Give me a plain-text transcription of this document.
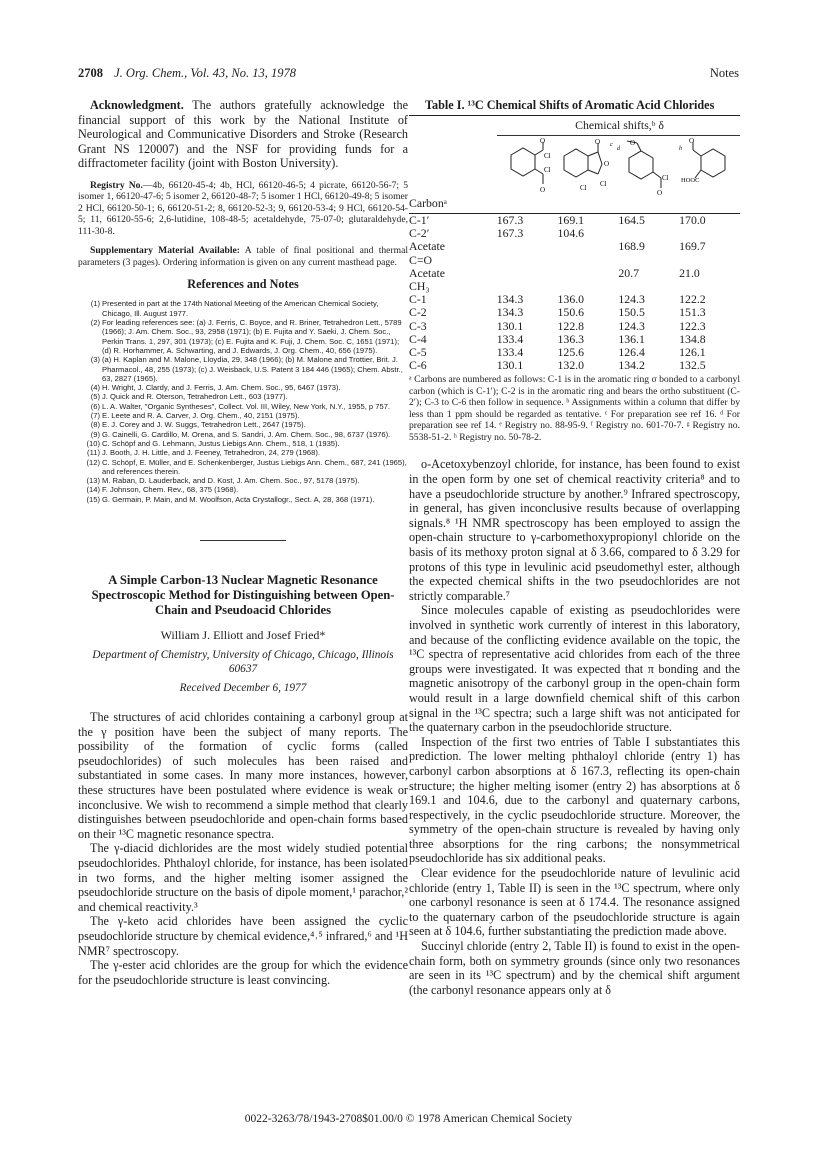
2708 J. Org. Chem., Vol. 43, No. 13, 1978	Notes

Acknowledgment. The authors gratefully acknowledge the financial support of this work by the National Institute of Neurological and Communicative Disorders and Stroke (Research Grant NS 120007) and the NSF for providing funds for a diffractometer facility (joint with Boston University).

Registry No.—4b, 66120-45-4; 4b, HCl, 66120-46-5; 4 picrate, 66120-56-7; 5 isomer 1, 66120-47-6; 5 isomer 2, 66120-48-7; 5 isomer 1 HCl, 66120-49-8; 5 isomer 2 HCl, 66120-50-1; 6, 66120-51-2; 8, 66120-52-3; 9, 66120-53-4; 9 HCl, 66120-54-5; 11, 66120-55-6; 2,6-lutidine, 108-48-5; acetaldehyde, 75-07-0; glutaraldehyde, 111-30-8.

Supplementary Material Available: A table of final positional and thermal parameters (3 pages). Ordering information is given on any current masthead page.

References and Notes
(1) Presented in part at the 174th National Meeting of the American Chemical Society, Chicago, Ill. August 1977.
(2) For leading references see: (a) J. Ferris, C. Boyce, and R. Briner, Tetrahedron Lett., 5789 (1966); J. Am. Chem. Soc., 93, 2958 (1971); (b) E. Fujita and Y. Saeki, J. Chem. Soc., Perkin Trans. 1, 297, 301 (1973); (c) E. Fujita and K. Fuji, J. Chem. Soc. C, 1651 (1971); (d) R. Horhammer, A. Schwarting, and J. Edwards, J. Org. Chem., 40, 656 (1975).
(3) (a) H. Kaplan and M. Malone, Lloydia, 29, 348 (1966); (b) M. Malone and Trottier, Brit. J. Pharmacol., 48, 255 (1973); (c) J. Weisback, U.S. Patent 3 184 446 (1965); Chem. Abstr., 63, 2827 (1965).
(4) H. Wright, J. Clardy, and J. Ferris, J. Am. Chem. Soc., 95, 6467 (1973).
(5) J. Quick and R. Oterson, Tetrahedron Lett., 603 (1977).
(6) L. A. Walter, "Organic Syntheses", Collect. Vol. III, Wiley, New York, N.Y., 1955, p 757.
(7) E. Leete and R. A. Carver, J. Org. Chem., 40, 2151 (1975).
(8) E. J. Corey and J. W. Suggs, Tetrahedron Lett., 2647 (1975).
(9) G. Cainelli, G. Cardillo, M. Orena, and S. Sandri, J. Am. Chem. Soc., 98, 6737 (1976).
(10) C. Schöpf and G. Lehmann, Justus Liebigs Ann. Chem., 518, 1 (1935).
(11) J. Booth, J. H. Little, and J. Feeney, Tetrahedron, 24, 279 (1968).
(12) C. Schöpf, E. Müller, and E. Schenkenberger, Justus Liebigs Ann. Chem., 687, 241 (1965), and references therein.
(13) M. Raban, D. Lauderback, and D. Kost, J. Am. Chem. Soc., 97, 5178 (1975).
(14) F. Johnson, Chem. Rev., 68, 375 (1968).
(15) G. Germain, P. Main, and M. Woolfson, Acta Crystallogr., Sect. A, 28, 368 (1971).
A Simple Carbon-13 Nuclear Magnetic Resonance Spectroscopic Method for Distinguishing between Open-Chain and Pseudoacid Chlorides
William J. Elliott and Josef Fried*
Department of Chemistry, University of Chicago, Chicago, Illinois 60637
Received December 6, 1977

The structures of acid chlorides containing a carbonyl group at the γ position have been the subject of many reports. The possibility of the formation of cyclic forms (called pseudochlorides) of such molecules has been raised and substantiated in some cases. In many more instances, however, these structures have been postulated where evidence is weak or inconclusive. We wish to recommend a simple method that clearly distinguishes between pseudochloride and open-chain forms based on their ¹³C magnetic resonance spectra.

The γ-diacid dichlorides are the most widely studied potential pseudochlorides. Phthaloyl chloride, for instance, has been isolated in two forms, and the higher melting isomer assigned the pseudochloride structure on the basis of dipole moment,¹ parachor,² and chemical reactivity.³

The γ-keto acid chlorides have been assigned the cyclic pseudochloride structure by chemical evidence,⁴˒⁵ infrared,⁶ and ¹H NMR⁷ spectroscopy.

The γ-ester acid chlorides are the group for which the evidence for the pseudochloride structure is least convincing.

Table I. ¹³C Chemical Shifts of Aromatic Acid Chlorides
Chemical shifts,ᵇ δ
O
Cl
Cl
O
O
O
Cl Cl
c O
Cl
O
d
O
HOOC
h
Carbonᵃ
C-1′	167.3	169.1	164.5	170.0
C-2′	167.3	104.6		
Acetate			168.9	169.7
C=O				
Acetate			20.7	21.0
CH₃				
C-1	134.3	136.0	124.3	122.2
C-2	134.3	150.6	150.5	151.3
C-3	130.1	122.8	124.3	122.3
C-4	133.4	136.3	136.1	134.8
C-5	133.4	125.6	126.4	126.1
C-6	130.1	132.0	134.2	132.5

ᵃ Carbons are numbered as follows: C-1 is in the aromatic ring σ bonded to a carbonyl carbon (which is C-1′); C-2 is in the aromatic ring and bears the ortho substituent (C-2′); C-3 to C-6 then follow in sequence. ᵇ Assignments within a column that differ by less than 1 ppm should be regarded as tentative. ᶜ For preparation see ref 16. ᵈ For preparation see ref 14. ᵉ Registry no. 88-95-9. ᶠ Registry no. 601-70-7. ᵍ Registry no. 5538-51-2. ʰ Registry no. 50-78-2.

o-Acetoxybenzoyl chloride, for instance, has been found to exist in the open form by one set of chemical reactivity criteria⁸ and to have a pseudochloride structure by another.⁹ Infrared spectroscopy, in general, has given inconclusive results because of overlapping signals.⁸ ¹H NMR spectroscopy has been employed to assign the open-chain structure to γ-carbomethoxypropionyl chloride on the basis of its methoxy proton signal at δ 3.66, compared to δ 3.29 for protons of this type in levulinic acid pseudomethyl ester, although the expected chemical shifts in the two pseudochlorides are not strictly comparable.⁷

Since molecules capable of existing as pseudochlorides were involved in synthetic work currently of interest in this laboratory, and because of the conflicting evidence available on the topic, the ¹³C spectra of representative acid chlorides from each of the three groups were investigated. It was expected that π bonding and the magnetic anisotropy of the carbonyl group in the open-chain form would result in a large downfield chemical shift of this carbon signal in the ¹³C spectra; such a large shift was not anticipated for the quaternary carbon in the pseudochloride structure.

Inspection of the first two entries of Table I substantiates this prediction. The lower melting phthaloyl chloride (entry 1) has carbonyl carbon absorptions at δ 167.3, reflecting its open-chain structure; the higher melting isomer (entry 2) has absorptions at δ 169.1 and 104.6, due to the carbonyl and quaternary carbons, respectively, in the cyclic pseudochloride structure. Moreover, the symmetry of the open-chain structure is revealed by having only three absorptions for the ring carbons; the nonsymmetrical pseudochloride has six additional peaks.

Clear evidence for the pseudochloride nature of levulinic acid chloride (entry 1, Table II) is seen in the ¹³C spectrum, where only one carbonyl resonance is seen at δ 174.4. The resonance assigned to the quaternary carbon of the pseudochloride structure is again seen at δ 104.6, further substantiating the prediction made above.

Succinyl chloride (entry 2, Table II) is found to exist in the open-chain form, both on symmetry grounds (since only two resonances are seen in its ¹³C spectrum) and by the chemical shift argument (the carbonyl resonance appears only at δ

0022-3263/78/1943-2708$01.00/0 © 1978 American Chemical Society
